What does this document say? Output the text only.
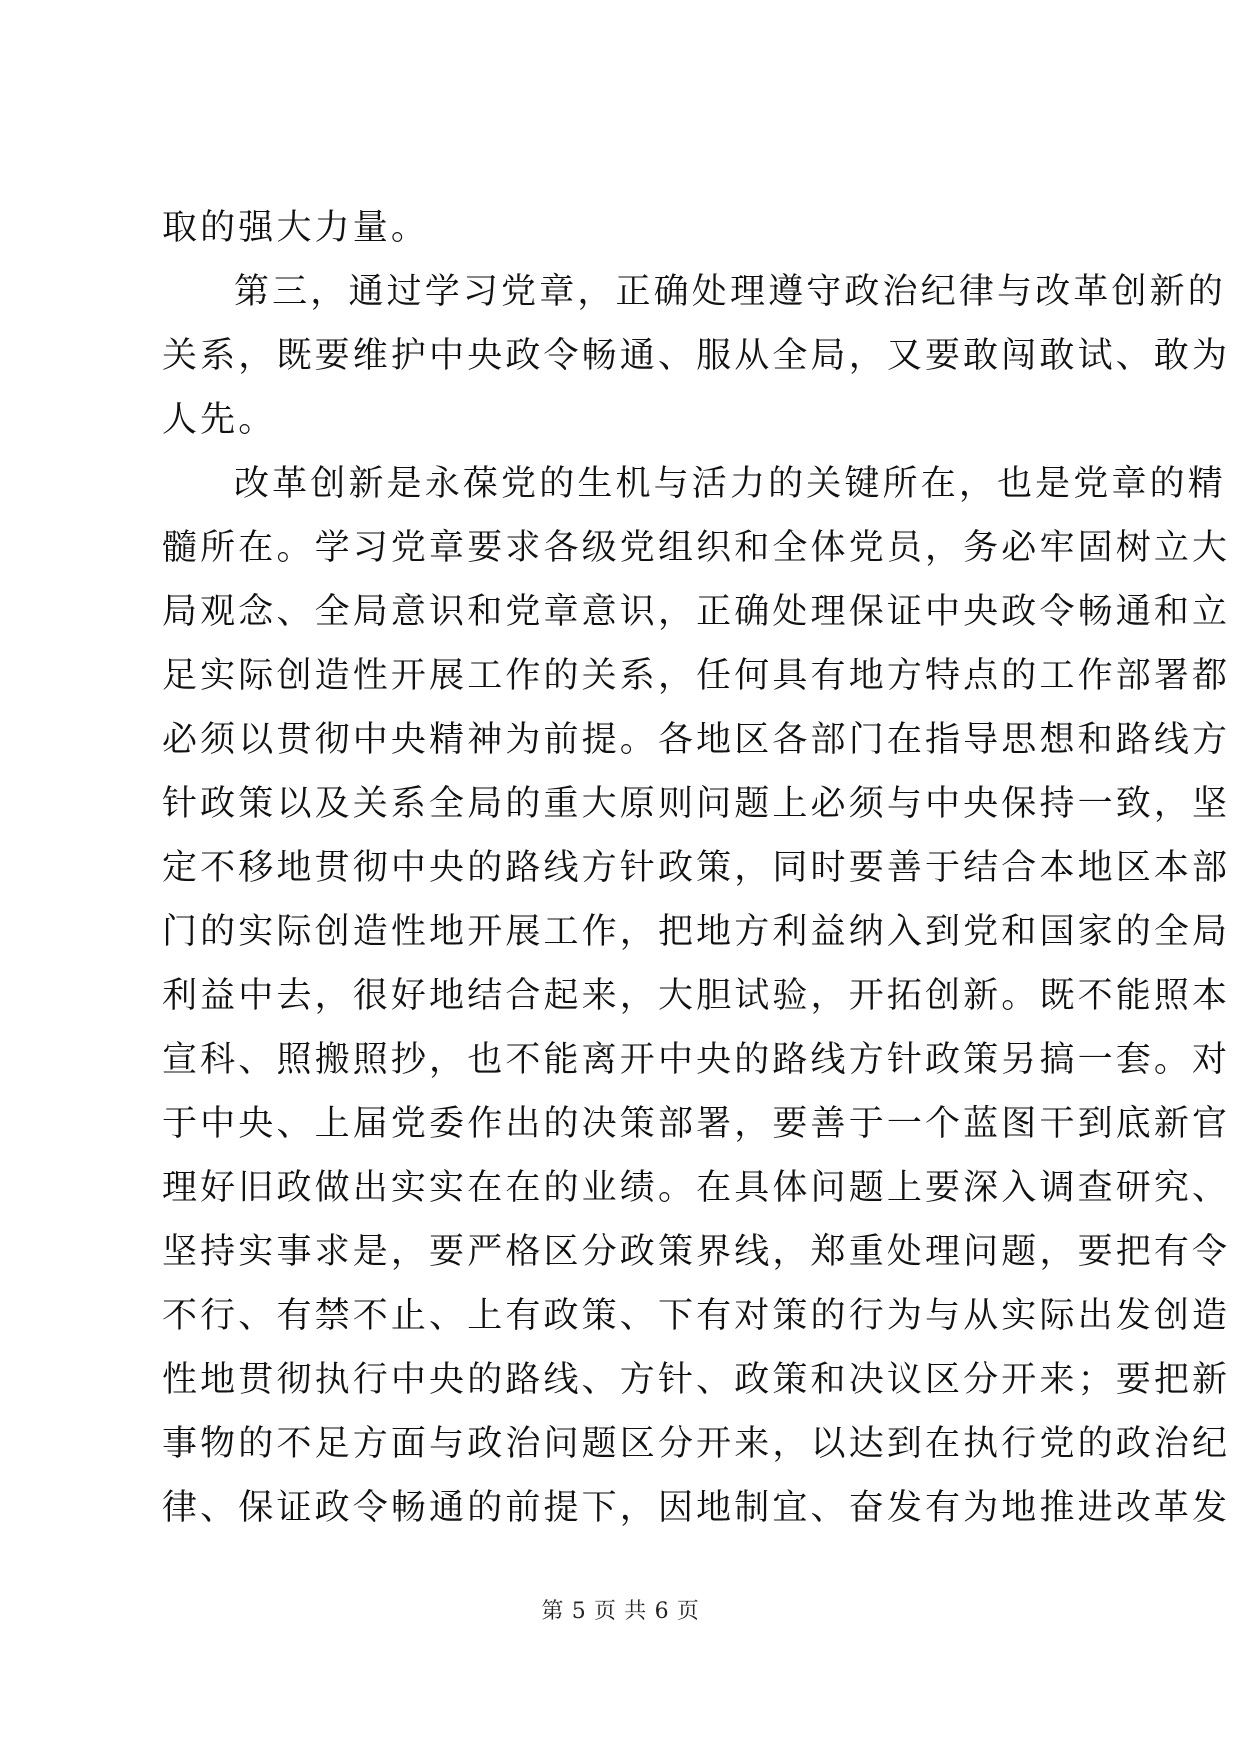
取的强大力量。
第三，通过学习党章，正确处理遵守政治纪律与改革创新的
关系，既要维护中央政令畅通、服从全局，又要敢闯敢试、敢为
人先。
改革创新是永葆党的生机与活力的关键所在，也是党章的精
髓所在。学习党章要求各级党组织和全体党员，务必牢固树立大
局观念、全局意识和党章意识，正确处理保证中央政令畅通和立
足实际创造性开展工作的关系，任何具有地方特点的工作部署都
必须以贯彻中央精神为前提。各地区各部门在指导思想和路线方
针政策以及关系全局的重大原则问题上必须与中央保持一致，坚
定不移地贯彻中央的路线方针政策，同时要善于结合本地区本部
门的实际创造性地开展工作，把地方利益纳入到党和国家的全局
利益中去，很好地结合起来，大胆试验，开拓创新。既不能照本
宣科、照搬照抄，也不能离开中央的路线方针政策另搞一套。对
于中央、上届党委作出的决策部署，要善于一个蓝图干到底新官
理好旧政做出实实在在的业绩。在具体问题上要深入调查研究、
坚持实事求是，要严格区分政策界线，郑重处理问题，要把有令
不行、有禁不止、上有政策、下有对策的行为与从实际出发创造
性地贯彻执行中央的路线、方针、政策和决议区分开来；要把新
事物的不足方面与政治问题区分开来，以达到在执行党的政治纪
律、保证政令畅通的前提下，因地制宜、奋发有为地推进改革发
第 5 页 共 6 页
